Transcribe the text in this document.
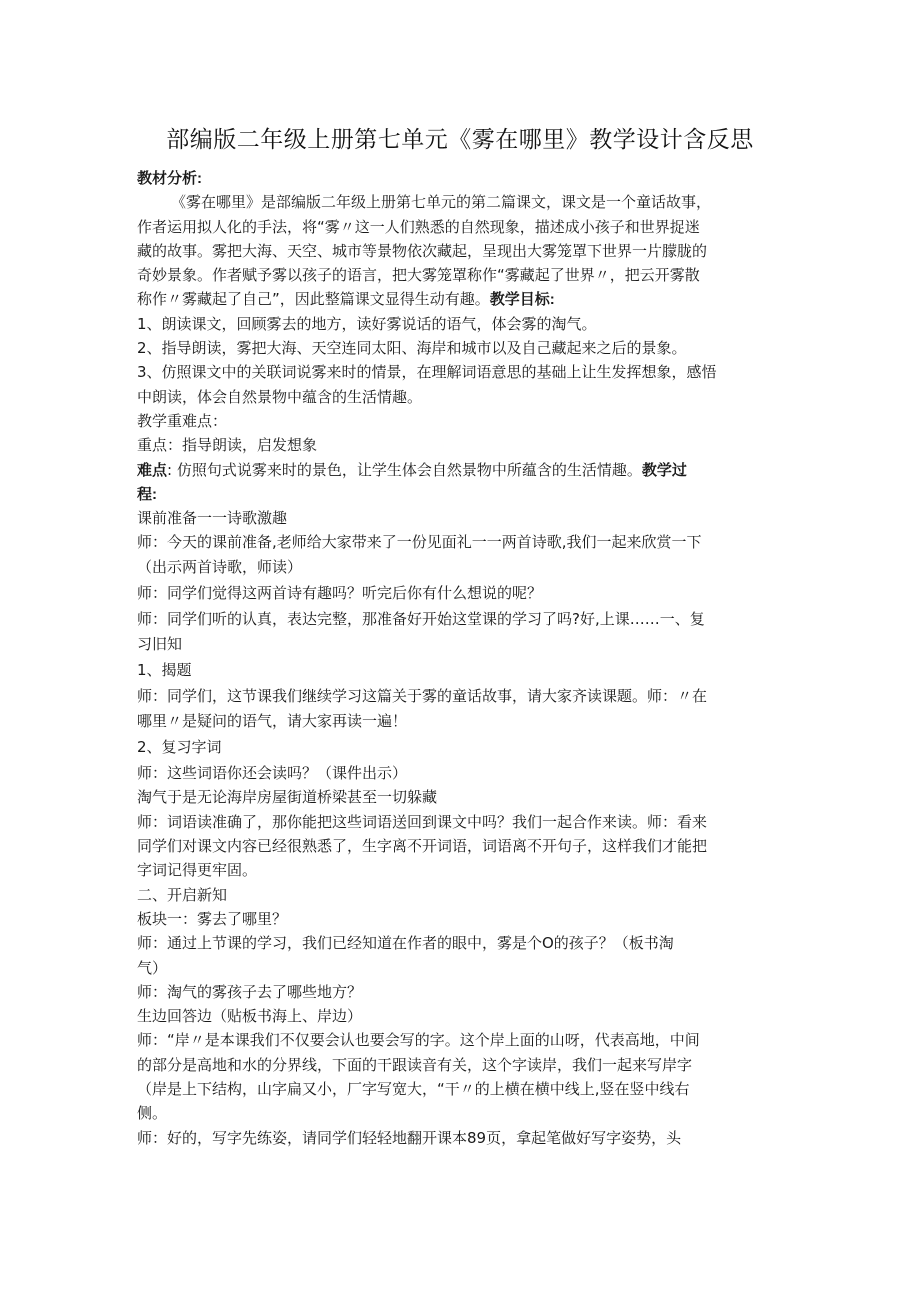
部编版二年级上册第七单元《雾在哪里》教学设计含反思
教材分析:
《雾在哪里》是部编版二年级上册第七单元的第二篇课文，课文是一个童话故事，
作者运用拟人化的手法，将“雾〃这一人们熟悉的自然现象，描述成小孩子和世界捉迷
藏的故事。雾把大海、天空、城市等景物依次藏起，呈现出大雾笼罩下世界一片朦胧的
奇妙景象。作者赋予雾以孩子的语言，把大雾笼罩称作“雾藏起了世界〃，把云开雾散
称作〃雾藏起了自己”，因此整篇课文显得生动有趣。教学目标:
1、朗读课文，回顾雾去的地方，读好雾说话的语气，体会雾的淘气。
2、指导朗读，雾把大海、天空连同太阳、海岸和城市以及自己藏起来之后的景象。
3、仿照课文中的关联词说雾来时的情景，在理解词语意思的基础上让生发挥想象，感悟
中朗读，体会自然景物中蕴含的生活情趣。
教学重难点：
重点：指导朗读，启发想象
难点: 仿照句式说雾来时的景色，让学生体会自然景物中所蕴含的生活情趣。教学过
程:
课前准备一一诗歌激趣
师：今天的课前准备,老师给大家带来了一份见面礼一一两首诗歌,我们一起来欣赏一下
（出示两首诗歌，师读）
师：同学们觉得这两首诗有趣吗？听完后你有什么想说的呢？
师：同学们听的认真，表达完整，那准备好开始这堂课的学习了吗?好,上课……一、复
习旧知
1、揭题
师：同学们，这节课我们继续学习这篇关于雾的童话故事，请大家齐读课题。师：〃在
哪里〃是疑问的语气，请大家再读一遍！
2、复习字词
师：这些词语你还会读吗？（课件出示）
淘气于是无论海岸房屋街道桥梁甚至一切躲藏
师：词语读准确了，那你能把这些词语送回到课文中吗？我们一起合作来读。师：看来
同学们对课文内容已经很熟悉了，生字离不开词语，词语离不开句子，这样我们才能把
字词记得更牢固。
二、开启新知
板块一：雾去了哪里？
师：通过上节课的学习，我们已经知道在作者的眼中，雾是个O的孩子？（板书淘
气）
师：淘气的雾孩子去了哪些地方？
生边回答边（贴板书海上、岸边）
师：“岸〃是本课我们不仅要会认也要会写的字。这个岸上面的山呀，代表高地，中间
的部分是高地和水的分界线，下面的干跟读音有关，这个字读岸，我们一起来写岸字
（岸是上下结构，山字扁又小，厂字写宽大，“干〃的上横在横中线上,竖在竖中线右
侧。
师：好的，写字先练姿，请同学们轻轻地翻开课本89页，拿起笔做好写字姿势，头
